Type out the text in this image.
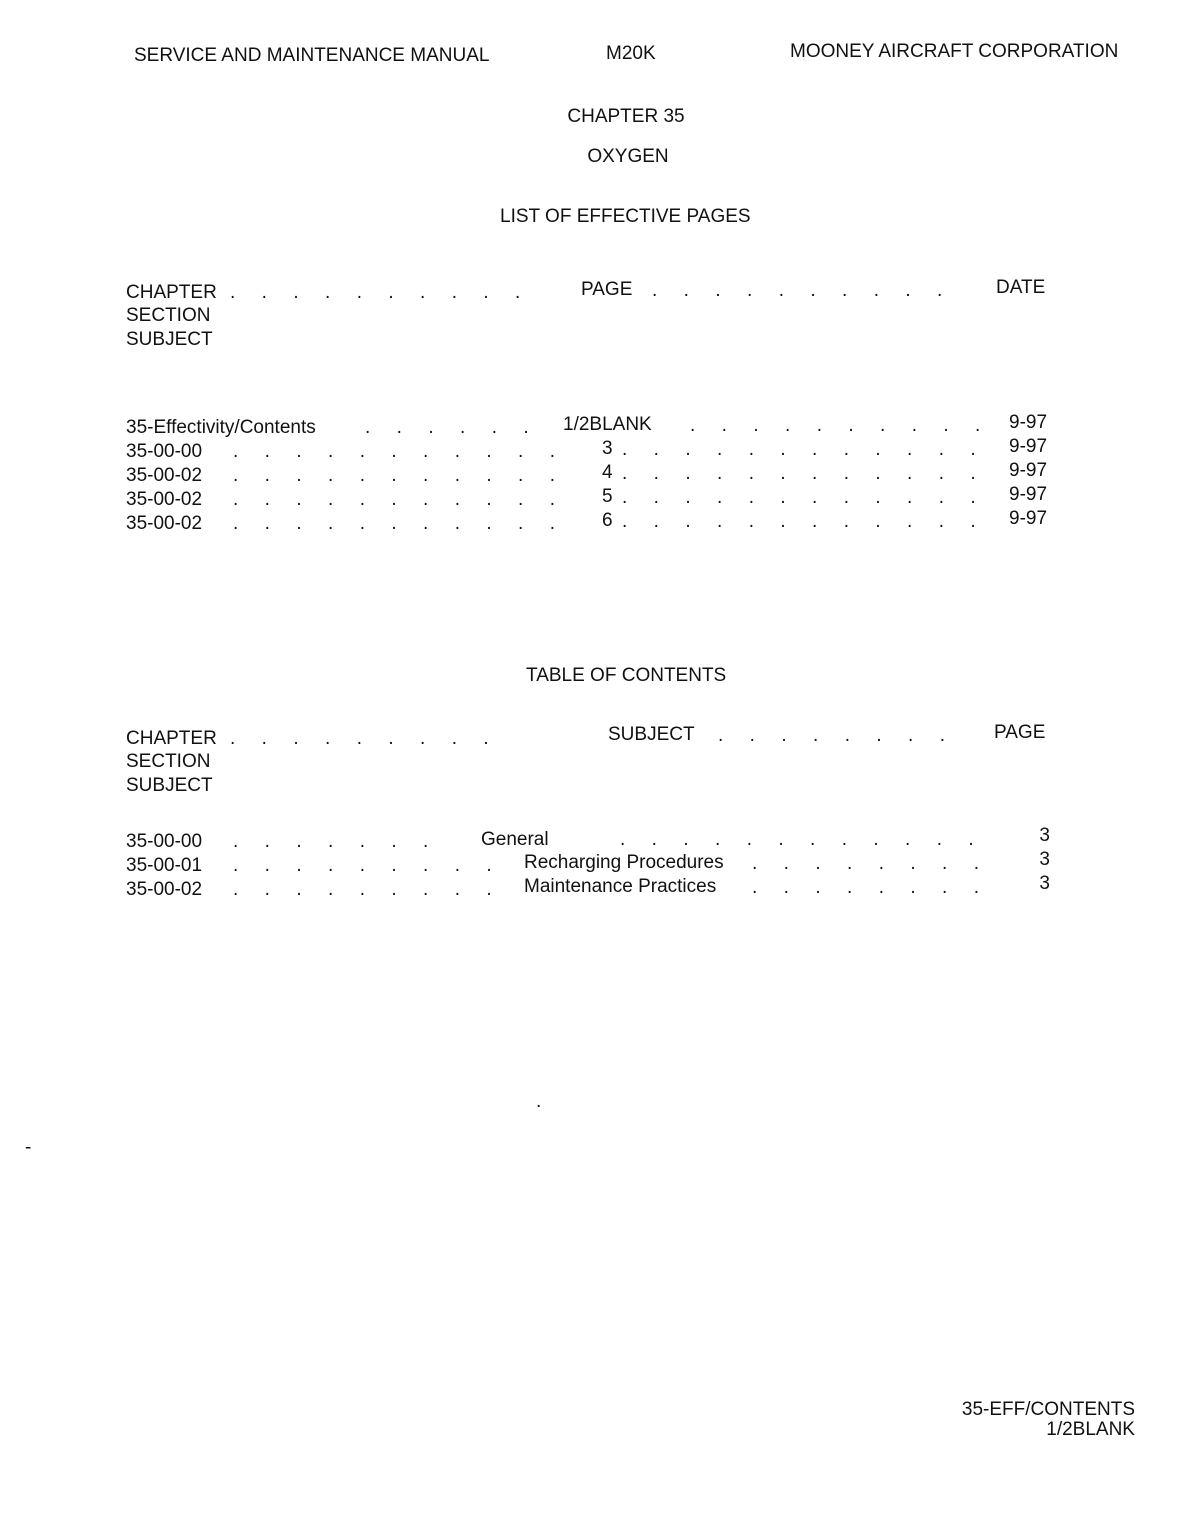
SERVICE AND MAINTENANCE MANUAL	M20K	MOONEY AIRCRAFT CORPORATION
CHAPTER 35
OXYGEN
LIST OF EFFECTIVE PAGES
CHAPTER .     .     .     .     .     .     .     .     .     .
SECTION
SUBJECT
PAGE .     .     .     .     .     .     .     .     .     .	DATE
35-Effectivity/Contents	.     .     .     .     .     .	1/2BLANK .     .     .     .     .     .     .     .     .     .	9-97
35-00-00 .     .     .     .     .     .     .     .     .     .     .	3 .     .     .     .     .     .     .     .     .     .     .     .	9-97
35-00-02 .     .     .     .     .     .     .     .     .     .     .	4 .     .     .     .     .     .     .     .     .     .     .     .	9-97
35-00-02 .     .     .     .     .     .     .     .     .     .     .	5 .     .     .     .     .     .     .     .     .     .     .     .	9-97
35-00-02 .     .     .     .     .     .     .     .     .     .     .	6 .     .     .     .     .     .     .     .     .     .     .     .	9-97
TABLE OF CONTENTS
CHAPTER .     .     .     .     .     .     .     .     .
SECTION
SUBJECT
SUBJECT .     .     .     .     .     .     .     .	PAGE
35-00-00 .     .     .     .     .     .     .	General	.     .     .     .     .     .     .     .     .     .     .     .	3
35-00-01 .     .     .     .     .     .     .     .     .	Recharging Procedures .     .     .     .     .     .     .     .	3
35-00-02 .     .     .     .     .     .     .     .     .	Maintenance Practices .     .     .     .     .     .     .     .	3
.
-
35-EFF/CONTENTS
1/2BLANK
